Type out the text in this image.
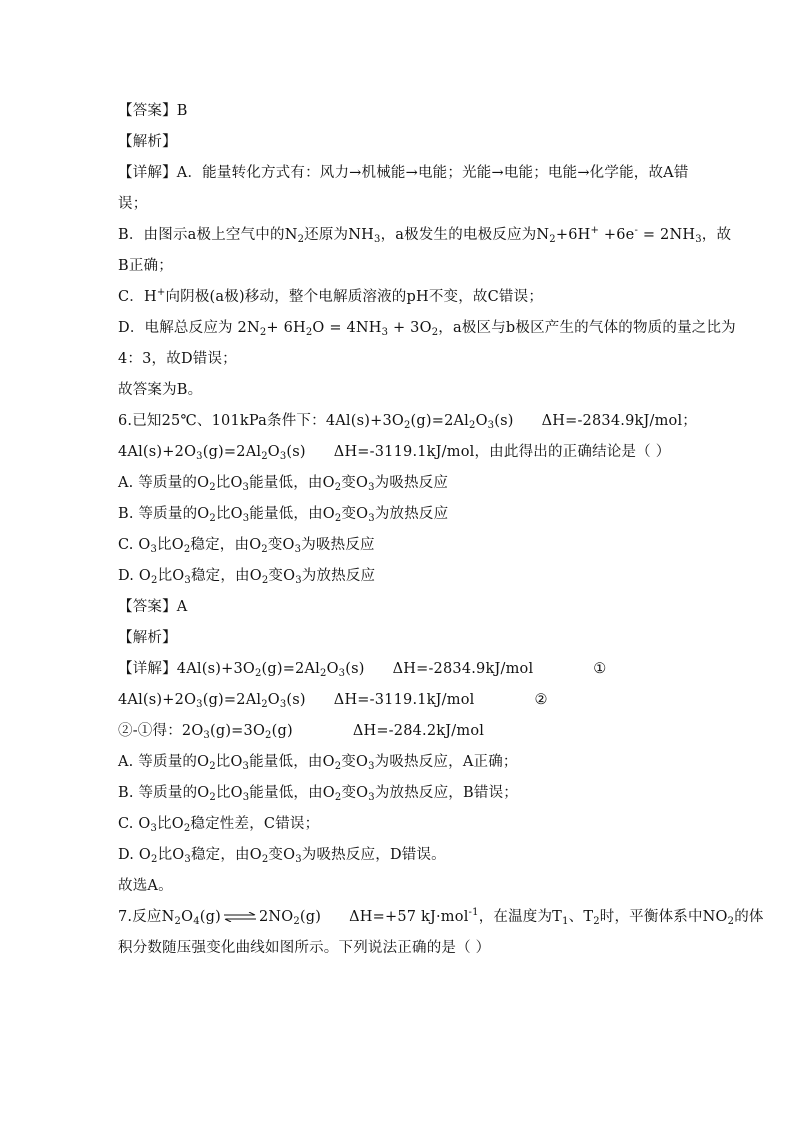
【答案】B
【解析】
【详解】A．能量转化方式有：风力→机械能→电能；光能→电能；电能→化学能，故A错
误；
B．由图示a极上空气中的$N_2$还原为$NH_3$，a极发生的电极反应为$N_2+6H^+ +6e^- = 2NH_3$，故
B正确；
C．H+向阴极(a极)移动，整个电解质溶液的pH不变，故C错误；
D．电解总反应为 $2N_2+ 6H_2O = 4NH_3 + 3O_2$，a极区与b极区产生的气体的物质的量之比为
4：3，故D错误；
故答案为B。
6.已知25℃、101kPa条件下：$4Al(s)+3O_2(g)=2Al_2O_3(s)$ ΔH=-2834.9kJ/mol；
$4Al(s)+2O_3(g)=2Al_2O_3(s)$ ΔH=-3119.1kJ/mol，由此得出的正确结论是（ ）
A. 等质量的$O_2$比$O_3$能量低，由$O_2$变$O_3$为吸热反应
B. 等质量的$O_2$比$O_3$能量低，由$O_2$变$O_3$为放热反应
C. $O_3$比$O_2$稳定，由$O_2$变$O_3$为吸热反应
D. $O_2$比$O_3$稳定，由$O_2$变$O_3$为放热反应
【答案】A
【解析】
【详解】$4Al(s)+3O_2(g)=2Al_2O_3(s)$ ΔH=-2834.9kJ/mol	①
$4Al(s)+2O_3(g)=2Al_2O_3(s)$ ΔH=-3119.1kJ/mol	②
②-①得：$2O_3(g)=3O_2(g)$	ΔH=-284.2kJ/mol
A. 等质量的$O_2$比$O_3$能量低，由$O_2$变$O_3$为吸热反应，A正确；
B. 等质量的$O_2$比$O_3$能量低，由$O_2$变$O_3$为放热反应，B错误；
C. $O_3$比$O_2$稳定性差，C错误；
D. $O_2$比$O_3$稳定，由$O_2$变$O_3$为吸热反应，D错误。
故选A。
7.反应$N_2O_4(g)$ ⇌ $2NO_2(g)$ ΔH=+57 kJ·mol$^{-1}$，在温度为$T_1$、$T_2$时，平衡体系中$NO_2$的体
积分数随压强变化曲线如图所示。下列说法正确的是（ ）
